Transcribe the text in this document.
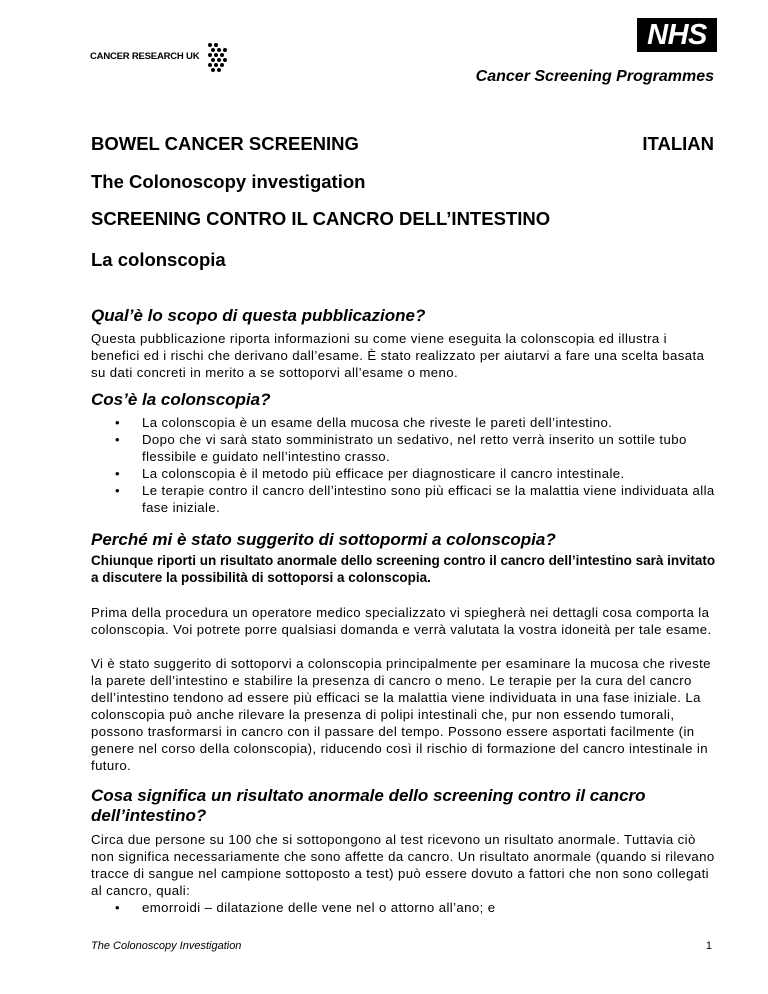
CANCER RESEARCH UK
NHS
Cancer Screening Programmes
BOWEL CANCER SCREENING	ITALIAN
The Colonoscopy investigation
SCREENING CONTRO IL CANCRO DELL’INTESTINO
La colonscopia
Qual’è lo scopo di questa pubblicazione?

Questa pubblicazione riporta informazioni su come viene eseguita la colonscopia ed illustra i benefici ed i rischi che derivano dall’esame. È stato realizzato per aiutarvi a fare una scelta basata su dati concreti in merito a se sottoporvi all’esame o meno.

Cos’è la colonscopia?
• La colonscopia è un esame della mucosa che riveste le pareti dell’intestino.
• Dopo che vi sarà stato somministrato un sedativo, nel retto verrà inserito un sottile tubo flessibile e guidato nell’intestino crasso.
• La colonscopia è il metodo più efficace per diagnosticare il cancro intestinale.
• Le terapie contro il cancro dell’intestino sono più efficaci se la malattia viene individuata alla fase iniziale.
Perché mi è stato suggerito di sottopormi a colonscopia?

Chiunque riporti un risultato anormale dello screening contro il cancro dell’intestino sarà invitato a discutere la possibilità di sottoporsi a colonscopia.

Prima della procedura un operatore medico specializzato vi spiegherà nei dettagli cosa comporta la colonscopia. Voi potrete porre qualsiasi domanda e verrà valutata la vostra idoneità per tale esame.

Vi è stato suggerito di sottoporvi a colonscopia principalmente per esaminare la mucosa che riveste la parete dell’intestino e stabilire la presenza di cancro o meno. Le terapie per la cura del cancro dell’intestino tendono ad essere più efficaci se la malattia viene individuata in una fase iniziale. La colonscopia può anche rilevare la presenza di polipi intestinali che, pur non essendo tumorali, possono trasformarsi in cancro con il passare del tempo. Possono essere asportati facilmente (in genere nel corso della colonscopia), riducendo così il rischio di formazione del cancro intestinale in futuro.

Cosa significa un risultato anormale dello screening contro il cancro dell’intestino?

Circa due persone su 100 che si sottopongono al test ricevono un risultato anormale. Tuttavia ciò non significa necessariamente che sono affette da cancro. Un risultato anormale (quando si rilevano tracce di sangue nel campione sottoposto a test) può essere dovuto a fattori che non sono collegati al cancro, quali:

• emorroidi – dilatazione delle vene nel o attorno all’ano; e
The Colonoscopy Investigation	1
